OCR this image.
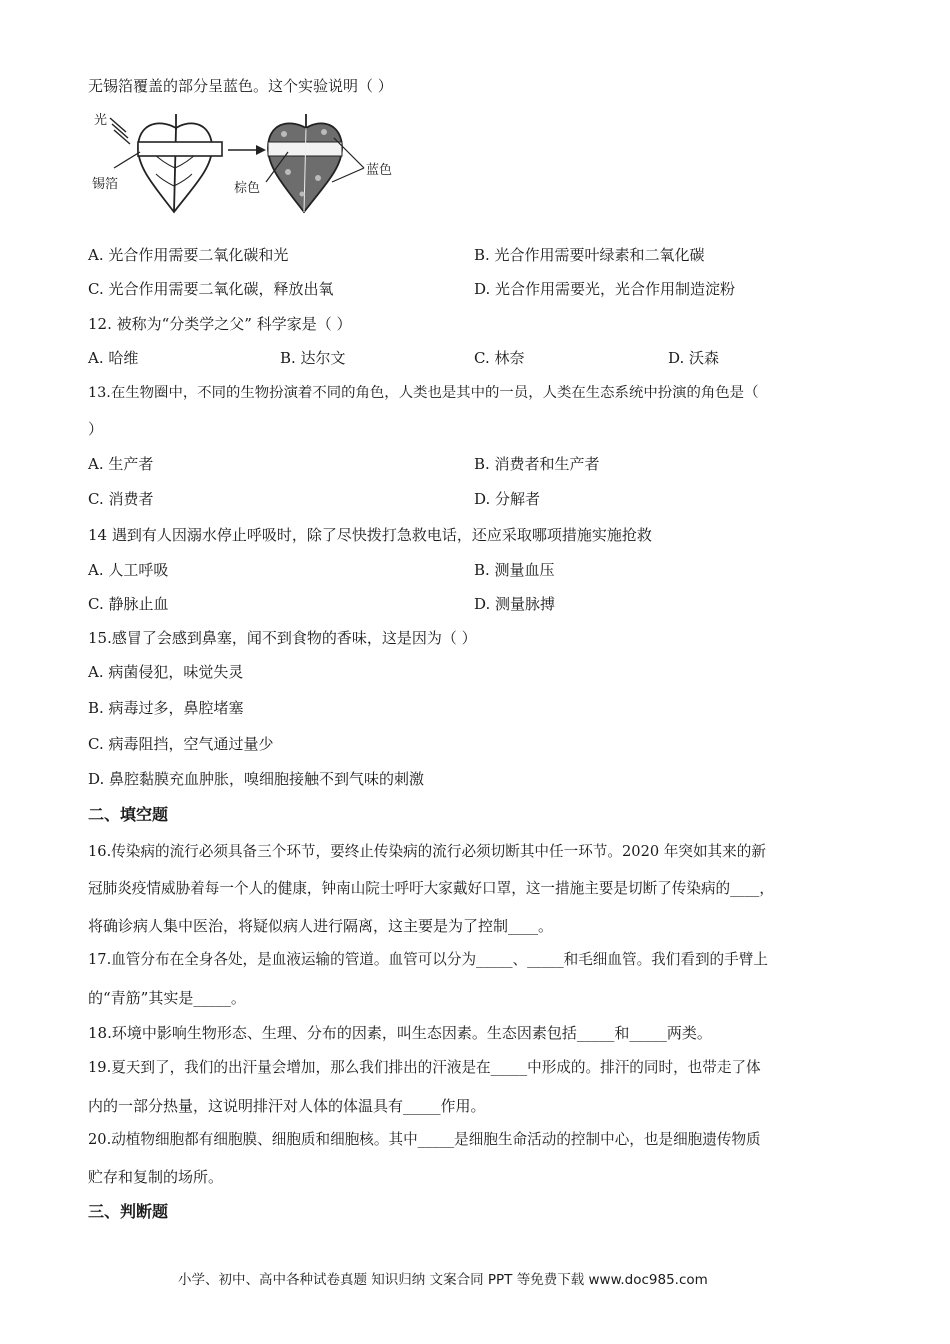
无锡箔覆盖的部分呈蓝色。这个实验说明（ ）
光
锡箔	棕色
蓝色
A. 光合作用需要二氧化碳和光	B. 光合作用需要叶绿素和二氧化碳
C. 光合作用需要二氧化碳，释放出氧	D. 光合作用需要光，光合作用制造淀粉
12. 被称为“分类学之父” 科学家是（ ）
A. 哈维	B. 达尔文	C. 林奈	D. 沃森
13.在生物圈中，不同的生物扮演着不同的角色，人类也是其中的一员，人类在生态系统中扮演的角色是（
）
A. 生产者	B. 消费者和生产者
C. 消费者	D. 分解者
14 遇到有人因溺水停止呼吸时，除了尽快拨打急救电话，还应采取哪项措施实施抢救
A. 人工呼吸	B. 测量血压
C. 静脉止血	D. 测量脉搏
15.感冒了会感到鼻塞，闻不到食物的香味，这是因为（ ）
A. 病菌侵犯，味觉失灵
B. 病毒过多，鼻腔堵塞
C. 病毒阻挡，空气通过量少
D. 鼻腔黏膜充血肿胀，嗅细胞接触不到气味的刺激
二、填空题
16.传染病的流行必须具备三个环节，要终止传染病的流行必须切断其中任一环节。2020 年突如其来的新
冠肺炎疫情威胁着每一个人的健康，钟南山院士呼吁大家戴好口罩，这一措施主要是切断了传染病的____，
将确诊病人集中医治，将疑似病人进行隔离，这主要是为了控制____。
17.血管分布在全身各处，是血液运输的管道。血管可以分为_____、_____和毛细血管。我们看到的手臂上
的“青筋”其实是_____。
18.环境中影响生物形态、生理、分布的因素，叫生态因素。生态因素包括_____和_____两类。
19.夏天到了，我们的出汗量会增加，那么我们排出的汗液是在_____中形成的。排汗的同时，也带走了体
内的一部分热量，这说明排汗对人体的体温具有_____作用。
20.动植物细胞都有细胞膜、细胞质和细胞核。其中_____是细胞生命活动的控制中心，也是细胞遗传物质
贮存和复制的场所。
三、判断题
小学、初中、高中各种试卷真题 知识归纳 文案合同 PPT 等免费下载 www.doc985.com
